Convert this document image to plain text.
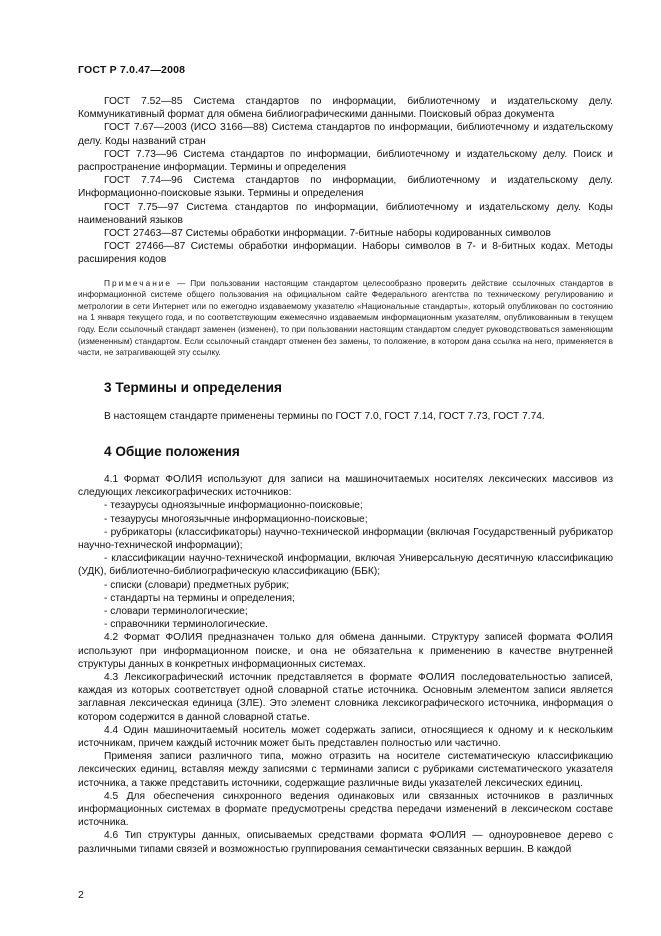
ГОСТ Р 7.0.47—2008

ГОСТ 7.52—85 Система стандартов по информации, библиотечному и издательскому делу. Коммуникативный формат для обмена библиографическими данными. Поисковый образ документа

ГОСТ 7.67—2003 (ИСО 3166—88) Система стандартов по информации, библиотечному и издательскому делу. Коды названий стран

ГОСТ 7.73—96 Система стандартов по информации, библиотечному и издательскому делу. Поиск и распространение информации. Термины и определения

ГОСТ 7.74—96 Система стандартов по информации, библиотечному и издательскому делу. Информационно-поисковые языки. Термины и определения

ГОСТ 7.75—97 Система стандартов по информации, библиотечному и издательскому делу. Коды наименований языков

ГОСТ 27463—87 Системы обработки информации. 7-битные наборы кодированных символов

ГОСТ 27466—87 Системы обработки информации. Наборы символов в 7- и 8-битных кодах. Методы расширения кодов

Примечание — При пользовании настоящим стандартом целесообразно проверить действие ссылочных стандартов в информационной системе общего пользования на официальном сайте Федерального агентства по техническому регулированию и метрологии в сети Интернет или по ежегодно издаваемому указателю «Национальные стандарты», который опубликован по состоянию на 1 января текущего года, и по соответствующим ежемесячно издаваемым информационным указателям, опубликованным в текущем году. Если ссылочный стандарт заменен (изменен), то при пользовании настоящим стандартом следует руководствоваться заменяющим (измененным) стандартом. Если ссылочный стандарт отменен без замены, то положение, в котором дана ссылка на него, применяется в части, не затрагивающей эту ссылку.

3 Термины и определения

В настоящем стандарте применены термины по ГОСТ 7.0, ГОСТ 7.14, ГОСТ 7.73, ГОСТ 7.74.

4 Общие положения

4.1 Формат ФОЛИЯ используют для записи на машиночитаемых носителях лексических массивов из следующих лексикографических источников:

- тезаурусы одноязычные информационно-поисковые;

- тезаурусы многоязычные информационно-поисковые;

- рубрикаторы (классификаторы) научно-технической информации (включая Государственный рубрикатор научно-технической информации);

- классификации научно-технической информации, включая Универсальную десятичную классификацию (УДК), библиотечно-библиографическую классификацию (ББК);

- списки (словари) предметных рубрик;

- стандарты на термины и определения;

- словари терминологические;

- справочники терминологические.

4.2 Формат ФОЛИЯ предназначен только для обмена данными. Структуру записей формата ФОЛИЯ используют при информационном поиске, и она не обязательна к применению в качестве внутренней структуры данных в конкретных информационных системах.

4.3 Лексикографический источник представляется в формате ФОЛИЯ последовательностью записей, каждая из которых соответствует одной словарной статье источника. Основным элементом записи является заглавная лексическая единица (ЗЛЕ). Это элемент словника лексикографического источника, информация о котором содержится в данной словарной статье.

4.4 Один машиночитаемый носитель может содержать записи, относящиеся к одному и к нескольким источникам, причем каждый источник может быть представлен полностью или частично.

Применяя записи различного типа, можно отразить на носителе систематическую классификацию лексических единиц, вставляя между записями с терминами записи с рубриками систематического указателя источника, а также представить источники, содержащие различные виды указателей лексических единиц.

4.5 Для обеспечения синхронного ведения одинаковых или связанных источников в различных информационных системах в формате предусмотрены средства передачи изменений в лексическом составе источника.

4.6 Тип структуры данных, описываемых средствами формата ФОЛИЯ — одноуровневое дерево с различными типами связей и возможностью группирования семантически связанных вершин. В каждой

2
